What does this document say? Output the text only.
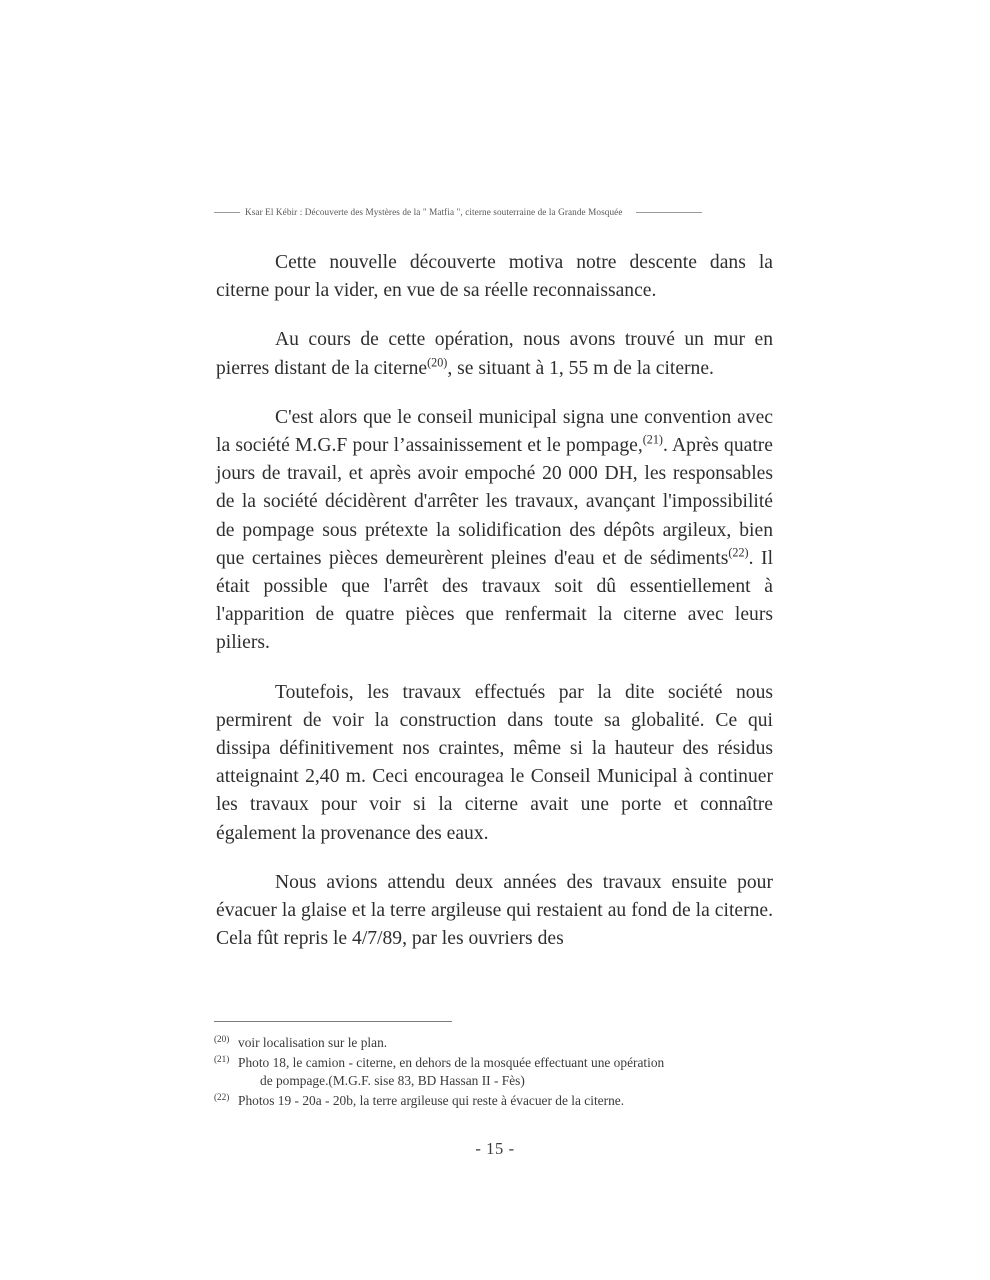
Ksar El Kébir : Découverte des Mystères de la " Matfia ", citerne souterraine de la Grande Mosquée

Cette nouvelle découverte motiva notre descente dans la citerne pour la vider, en vue de sa réelle reconnaissance.

Au cours de cette opération, nous avons trouvé un mur en pierres distant de la citerne$^{(20)}$, se situant à 1, 55 m de la citerne.

C'est alors que le conseil municipal signa une convention avec la société M.G.F pour l’assainissement et le pompage,$^{(21)}$. Après quatre jours de travail, et après avoir empoché 20 000 DH, les responsables de la société décidèrent d'arrêter les travaux, avançant l'impossibilité de pompage sous prétexte la solidification des dépôts argileux, bien que certaines pièces demeurèrent pleines d'eau et de sédiments$^{(22)}$. Il était possible que l'arrêt des travaux soit dû essentiellement à l'apparition de quatre pièces que renfermait la citerne avec leurs piliers.

Toutefois, les travaux effectués par la dite société nous permirent de voir la construction dans toute sa globalité. Ce qui dissipa définitivement nos craintes, même si la hauteur des résidus atteignaint 2,40 m. Ceci encouragea le Conseil Municipal à continuer les travaux pour voir si la citerne avait une porte et connaître également la provenance des eaux.

Nous avions attendu deux années des travaux ensuite pour évacuer la glaise et la terre argileuse qui restaient au fond de la citerne. Cela fût repris le 4/7/89, par les ouvriers des

(20) voir localisation sur le plan.
(21) Photo 18, le camion - citerne, en dehors de la mosquée effectuant une opération
de pompage.(M.G.F. sise 83, BD Hassan II - Fès)
(22) Photos 19 - 20a - 20b, la terre argileuse qui reste à évacuer de la citerne.
- 15 -
